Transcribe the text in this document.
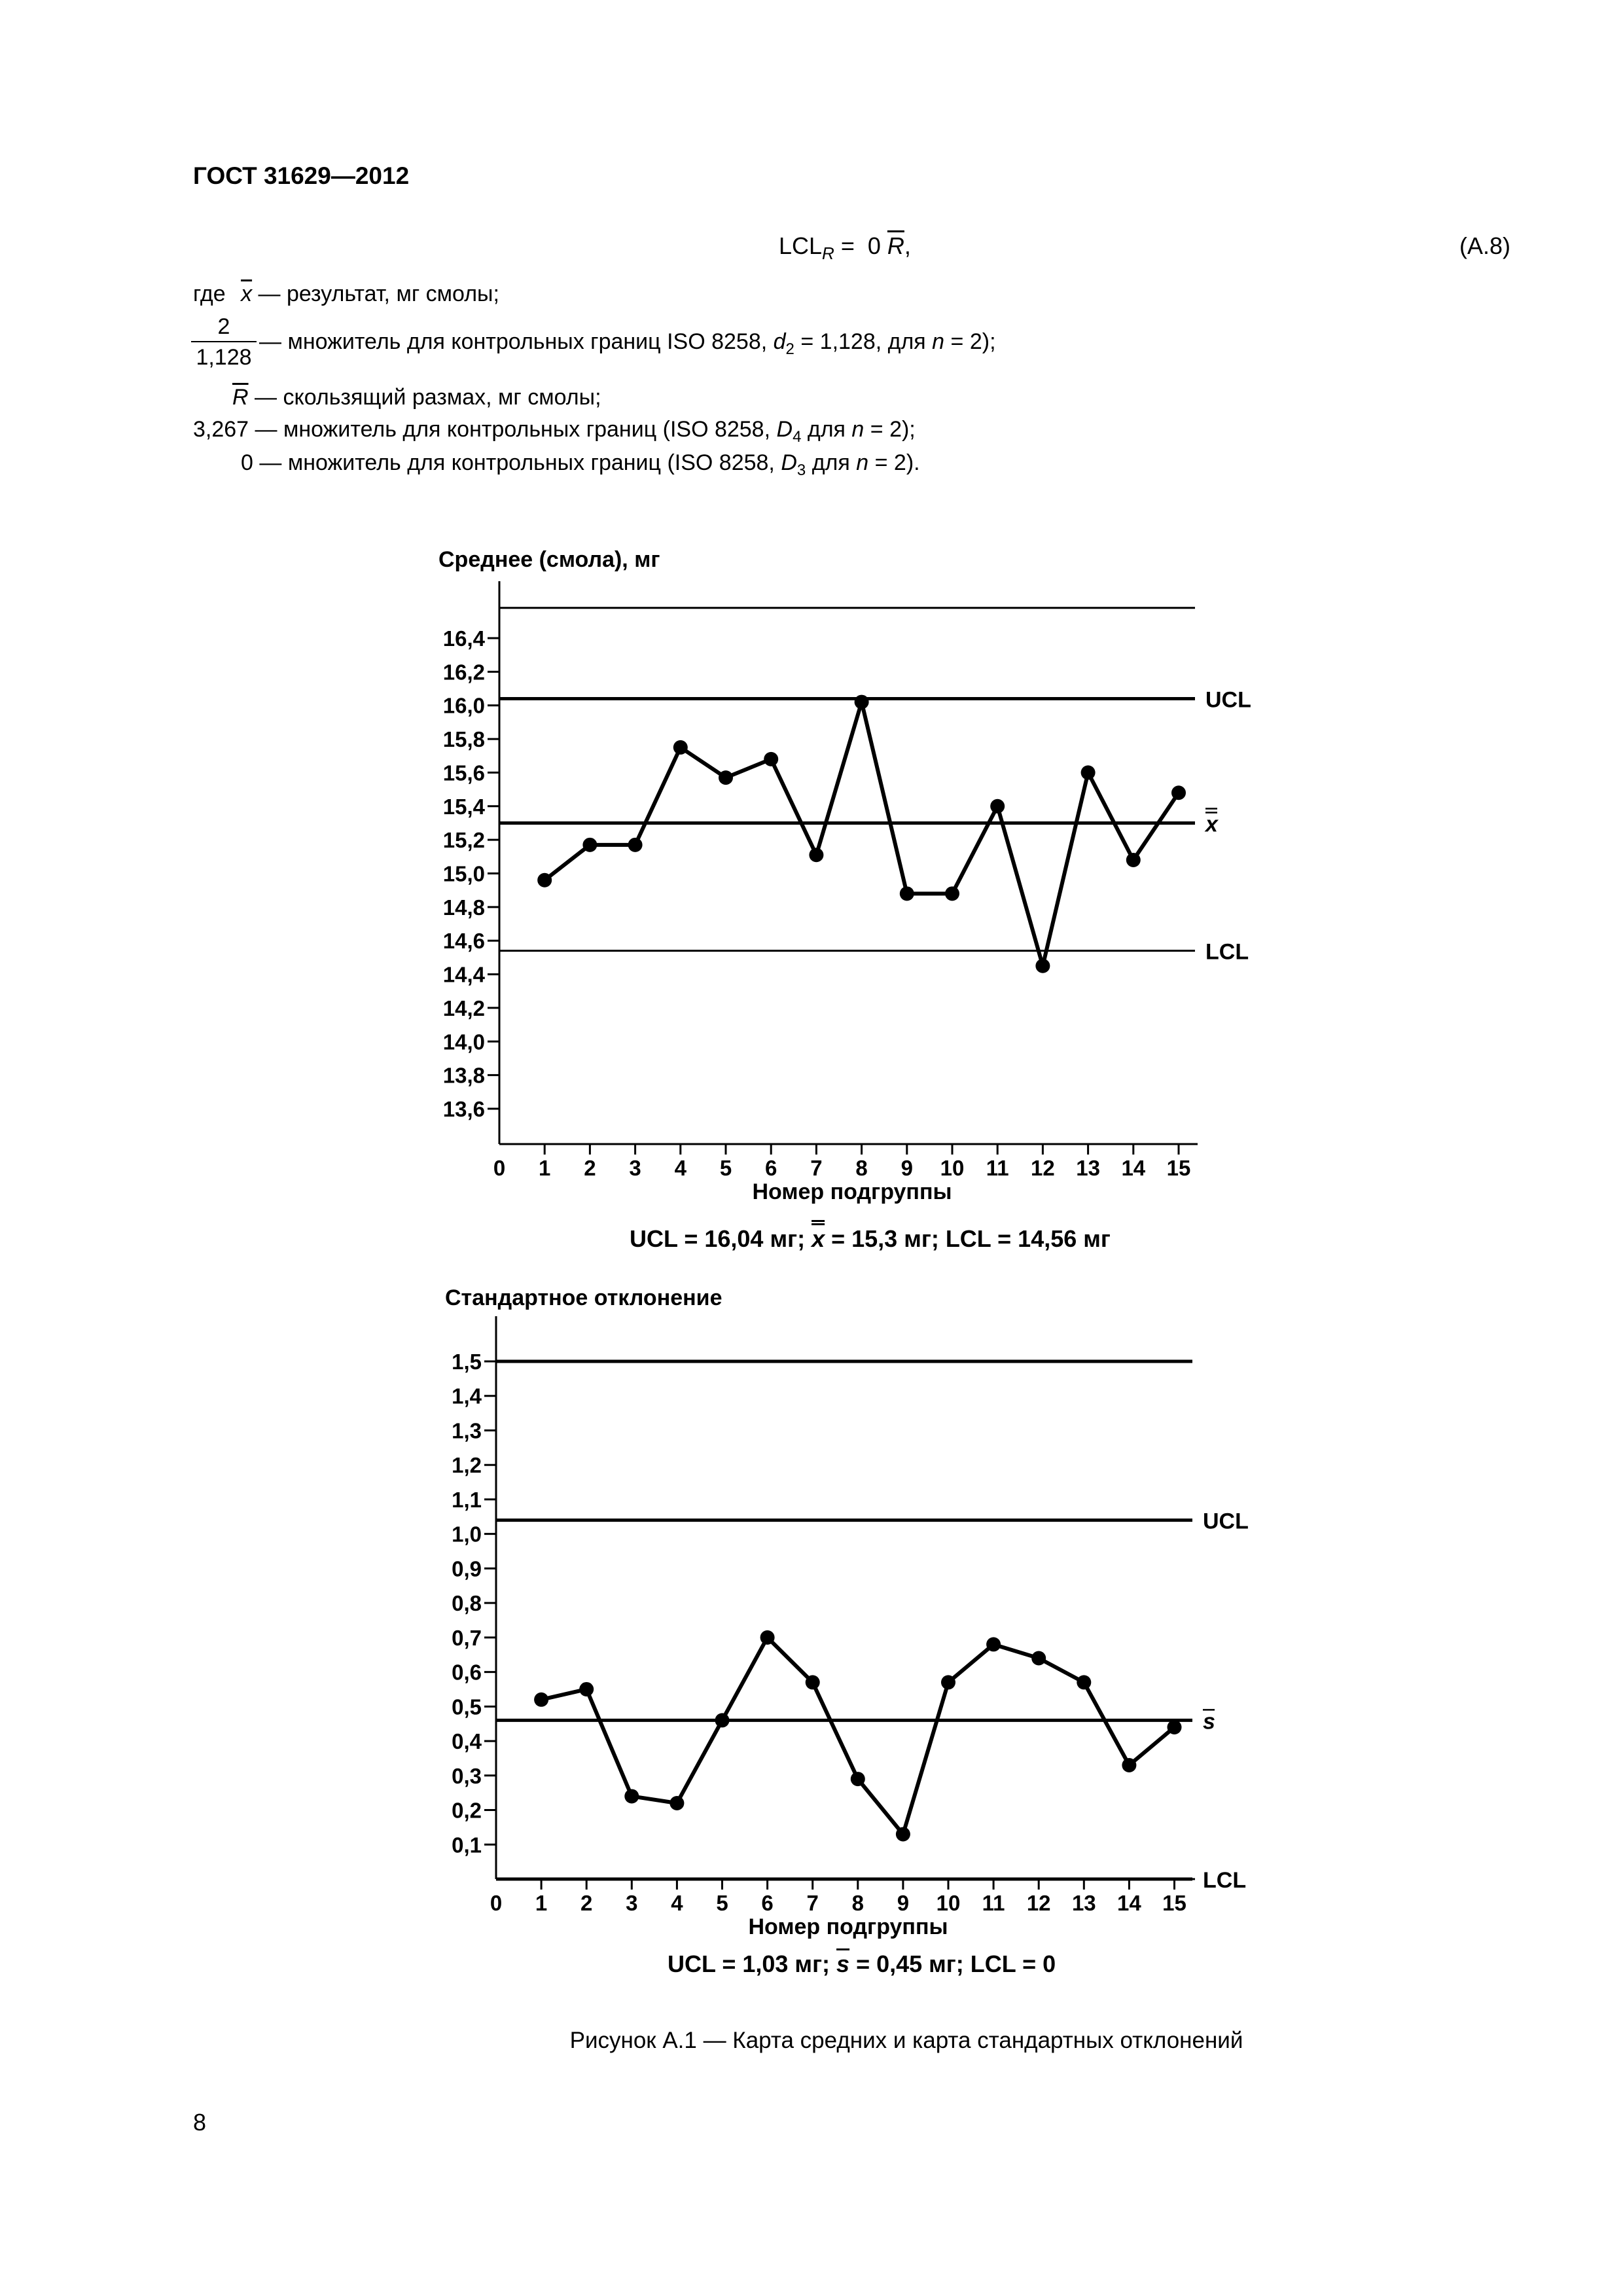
ГОСТ 31629—2012
$LCL_R = 0$ $\overline{R}$,	(A.8)
где $\overline{x}$ — результат, мг смолы;
$\frac{2}{1,128}$ — множитель для контрольных границ ISO 8258, $d_2 = 1,128$, для n = 2);
$\overline{R}$ — скользящий размах, мг смолы;
3,267 — множитель для контрольных границ (ISO 8258, $D_4$ для n = 2);
0 — множитель для контрольных границ (ISO 8258, $D_3$ для n = 2).
Среднее (смола), мг
13,6
13,8
14,0
14,2
14,4
14,6
14,8
15,0
15,2
15,4
15,6
15,8
16,0
16,2
16,4
0 1 2 3 4 5 6 7 8 9 10 11 12 13 14 15
Номер подгруппы
UCL
x
LCL
UCL = 16,04 мг; x = 15,3 мг; LCL = 14,56 мг
Стандартное отклонение
0,1
0,2
0,3
0,4
0,5
0,6
0,7
0,8
0,9
1,0
1,1
1,2
1,3
1,4
1,5
0 1 2 3 4 5 6 7 8 9 10 11 12 13 14 15
Номер подгруппы
UCL
s
LCL
UCL = 1,03 мг; $\overline{s} = 0,45$ мг; LCL = 0
Рисунок А.1 — Карта средних и карта стандартных отклонений
8
